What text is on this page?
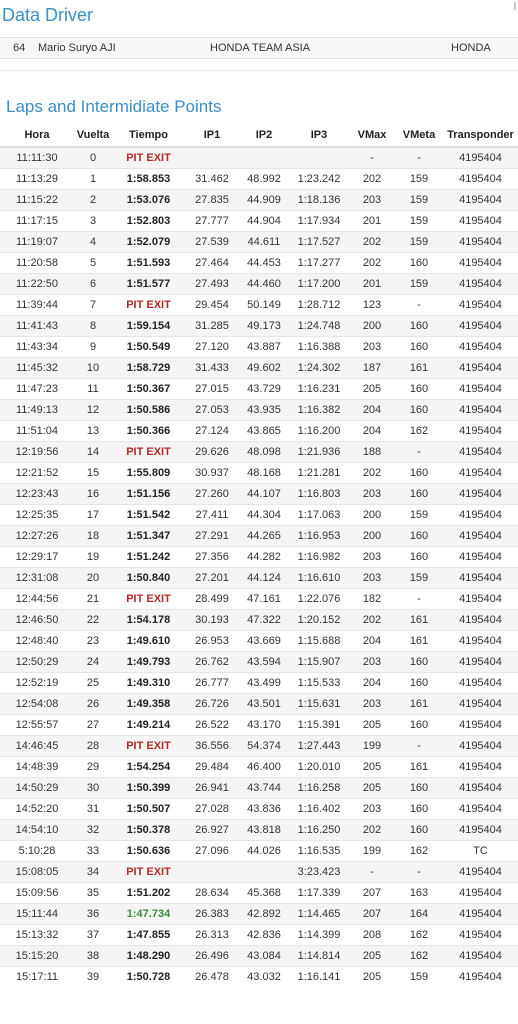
Data Driver
64 Mario Suryo AJI	HONDA TEAM ASIA	HONDA
Laps and Intermidiate Points
Hora	Vuelta	Tiempo	IP1	IP2	IP3	VMax	VMeta	Transponder
11:11:30	0	PIT EXIT				-	-	4195404
11:13:29	1	1:58.853	31.462	48.992	1:23.242	202	159	4195404
11:15:22	2	1:53.076	27.835	44.909	1:18.136	203	159	4195404
11:17:15	3	1:52.803	27.777	44.904	1:17.934	201	159	4195404
11:19:07	4	1:52.079	27.539	44.611	1:17.527	202	159	4195404
11:20:58	5	1:51.593	27.464	44.453	1:17.277	202	160	4195404
11:22:50	6	1:51.577	27.493	44.460	1:17.200	201	159	4195404
11:39:44	7	PIT EXIT	29.454	50.149	1:28.712	123	-	4195404
11:41:43	8	1:59.154	31.285	49.173	1:24.748	200	160	4195404
11:43:34	9	1:50.549	27.120	43.887	1:16.388	203	160	4195404
11:45:32	10	1:58.729	31.433	49.602	1:24.302	187	161	4195404
11:47:23	11	1:50.367	27.015	43.729	1:16.231	205	160	4195404
11:49:13	12	1:50.586	27.053	43.935	1:16.382	204	160	4195404
11:51:04	13	1:50.366	27.124	43.865	1:16.200	204	162	4195404
12:19:56	14	PIT EXIT	29.626	48.098	1:21.936	188	-	4195404
12:21:52	15	1:55.809	30.937	48.168	1:21.281	202	160	4195404
12:23:43	16	1:51.156	27.260	44.107	1:16.803	203	160	4195404
12:25:35	17	1:51.542	27.411	44.304	1:17.063	200	159	4195404
12:27:26	18	1:51.347	27.291	44.265	1:16.953	200	160	4195404
12:29:17	19	1:51.242	27.356	44.282	1:16.982	203	160	4195404
12:31:08	20	1:50.840	27.201	44.124	1:16.610	203	159	4195404
12:44:56	21	PIT EXIT	28.499	47.161	1:22.076	182	-	4195404
12:46:50	22	1:54.178	30.193	47.322	1:20.152	202	161	4195404
12:48:40	23	1:49.610	26.953	43.669	1:15.688	204	161	4195404
12:50:29	24	1:49.793	26.762	43.594	1:15.907	203	160	4195404
12:52:19	25	1:49.310	26.777	43.499	1:15.533	204	160	4195404
12:54:08	26	1:49.358	26.726	43.501	1:15.631	203	161	4195404
12:55:57	27	1:49.214	26.522	43.170	1:15.391	205	160	4195404
14:46:45	28	PIT EXIT	36.556	54.374	1:27.443	199	-	4195404
14:48:39	29	1:54.254	29.484	46.400	1:20.010	205	161	4195404
14:50:29	30	1:50.399	26.941	43.744	1:16.258	205	160	4195404
14:52:20	31	1:50.507	27.028	43.836	1:16.402	203	160	4195404
14:54:10	32	1:50.378	26.927	43.818	1:16.250	202	160	4195404
5:10:28	33	1:50.636	27.096	44.026	1:16.535	199	162	TC
15:08:05	34	PIT EXIT			3:23.423	-	-	4195404
15:09:56	35	1:51.202	28.634	45.368	1:17.339	207	163	4195404
15:11:44	36	1:47.734	26.383	42.892	1:14.465	207	164	4195404
15:13:32	37	1:47.855	26.313	42.836	1:14.399	208	162	4195404
15:15:20	38	1:48.290	26.496	43.084	1:14.814	205	162	4195404
15:17:11	39	1:50.728	26.478	43.032	1:16.141	205	159	4195404
